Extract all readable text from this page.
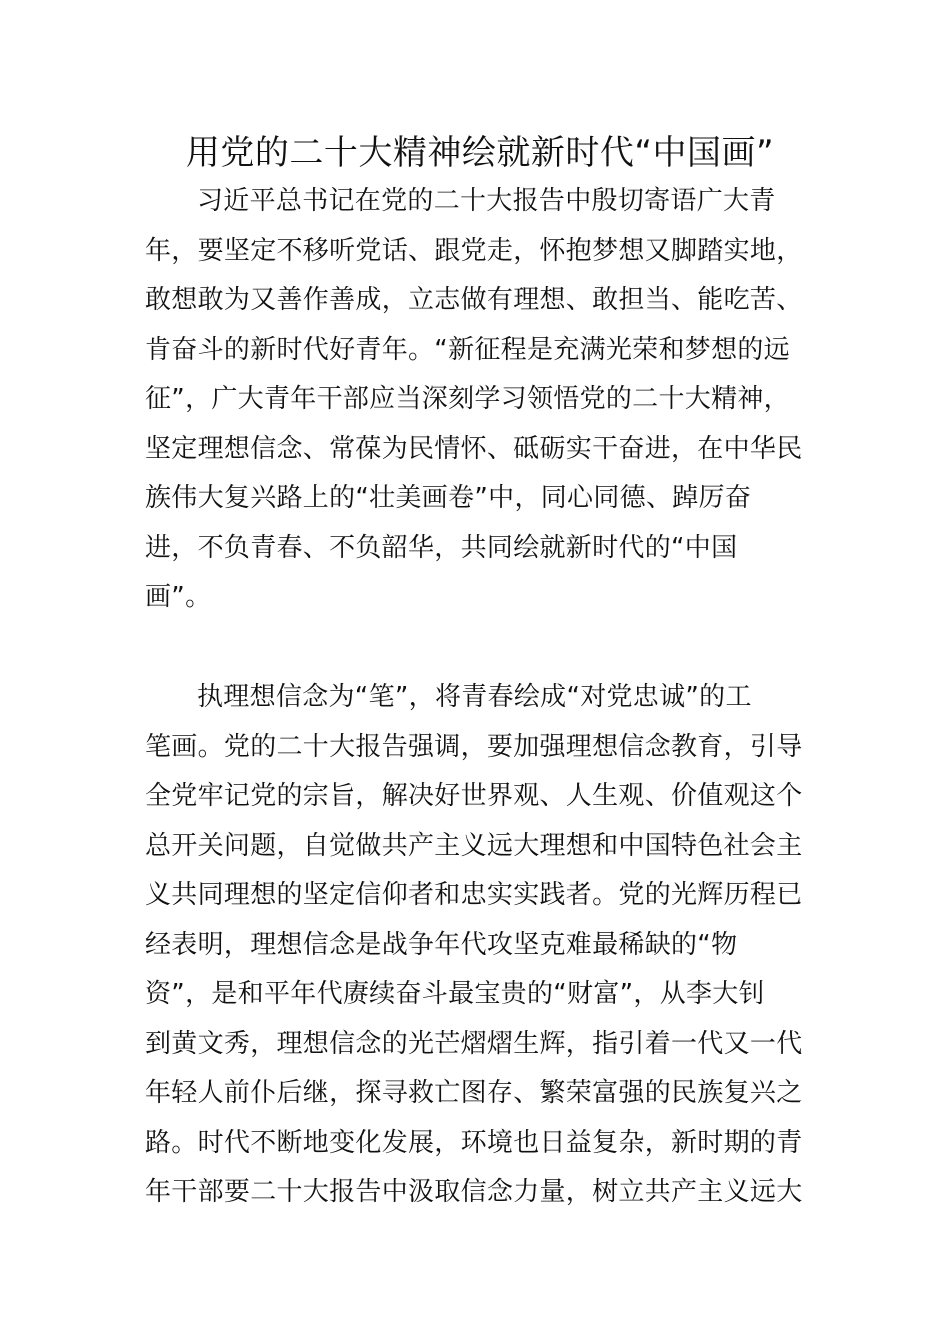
用党的二十大精神绘就新时代“中国画”
习近平总书记在党的二十大报告中殷切寄语广大青
年，要坚定不移听党话、跟党走，怀抱梦想又脚踏实地，
敢想敢为又善作善成，立志做有理想、敢担当、能吃苦、
肯奋斗的新时代好青年。“新征程是充满光荣和梦想的远
征”，广大青年干部应当深刻学习领悟党的二十大精神，
坚定理想信念、常葆为民情怀、砥砺实干奋进，在中华民
族伟大复兴路上的“壮美画卷”中，同心同德、踔厉奋
进，不负青春、不负韶华，共同绘就新时代的“中国
画”。
执理想信念为“笔”，将青春绘成“对党忠诚”的工
笔画。党的二十大报告强调，要加强理想信念教育，引导
全党牢记党的宗旨，解决好世界观、人生观、价值观这个
总开关问题，自觉做共产主义远大理想和中国特色社会主
义共同理想的坚定信仰者和忠实实践者。党的光辉历程已
经表明，理想信念是战争年代攻坚克难最稀缺的“物
资”，是和平年代赓续奋斗最宝贵的“财富”，从李大钊
到黄文秀，理想信念的光芒熠熠生辉，指引着一代又一代
年轻人前仆后继，探寻救亡图存、繁荣富强的民族复兴之
路。时代不断地变化发展，环境也日益复杂，新时期的青
年干部要二十大报告中汲取信念力量，树立共产主义远大
